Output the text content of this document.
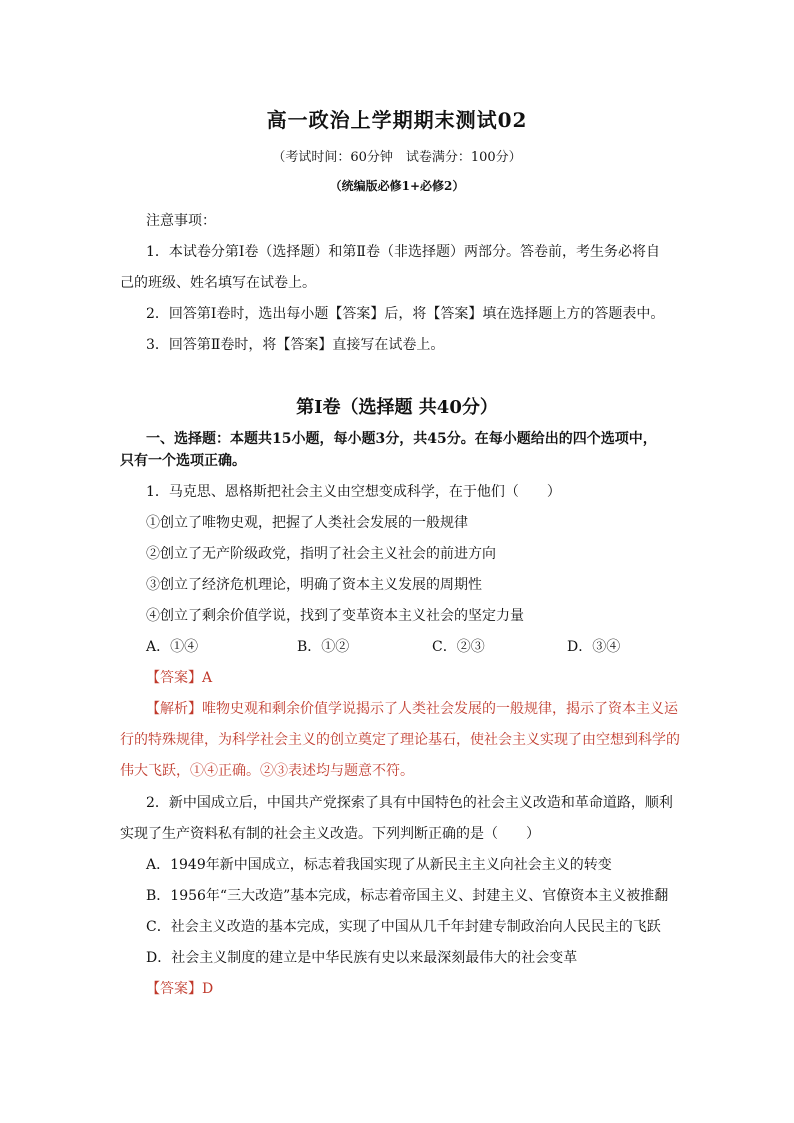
高一政治上学期期末测试02
（考试时间：60分钟　试卷满分：100分）
（统编版必修1+必修2）
注意事项：
1．本试卷分第Ⅰ卷（选择题）和第Ⅱ卷（非选择题）两部分。答卷前，考生务必将自
己的班级、姓名填写在试卷上。
2．回答第Ⅰ卷时，选出每小题【答案】后，将【答案】填在选择题上方的答题表中。
3．回答第Ⅱ卷时，将【答案】直接写在试卷上。
第Ⅰ卷（选择题 共40分）
一、选择题：本题共15小题，每小题3分，共45分。在每小题给出的四个选项中，
只有一个选项正确。
1．马克思、恩格斯把社会主义由空想变成科学，在于他们（　　）
①创立了唯物史观，把握了人类社会发展的一般规律
②创立了无产阶级政党，指明了社会主义社会的前进方向
③创立了经济危机理论，明确了资本主义发展的周期性
④创立了剩余价值学说，找到了变革资本主义社会的坚定力量
A．①④	B．①②	C．②③	D．③④
【答案】A
【解析】唯物史观和剩余价值学说揭示了人类社会发展的一般规律，揭示了资本主义运
行的特殊规律，为科学社会主义的创立奠定了理论基石，使社会主义实现了由空想到科学的
伟大飞跃，①④正确。②③表述均与题意不符。
2．新中国成立后，中国共产党探索了具有中国特色的社会主义改造和革命道路，顺利
实现了生产资料私有制的社会主义改造。下列判断正确的是（　　）
A．1949年新中国成立，标志着我国实现了从新民主主义向社会主义的转变
B．1956年“三大改造”基本完成，标志着帝国主义、封建主义、官僚资本主义被推翻
C．社会主义改造的基本完成，实现了中国从几千年封建专制政治向人民民主的飞跃
D．社会主义制度的建立是中华民族有史以来最深刻最伟大的社会变革
【答案】D
